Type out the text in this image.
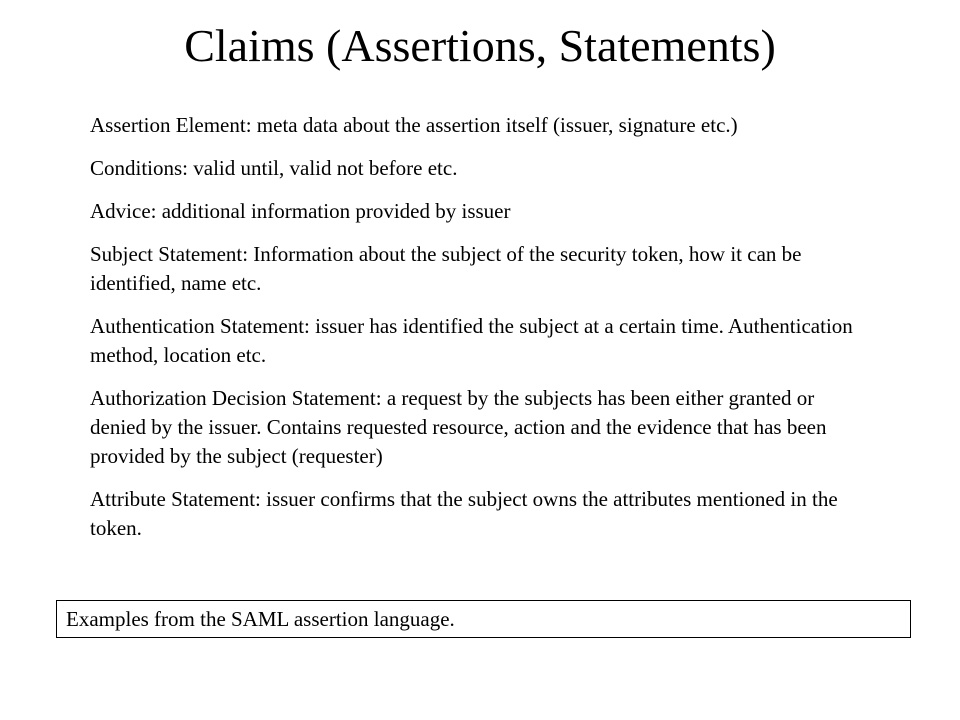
Claims (Assertions, Statements)
Assertion Element: meta data about the assertion itself (issuer, signature etc.)
Conditions: valid until, valid not before etc.
Advice: additional information provided by issuer
Subject Statement: Information about the subject of the security token, how it can be identified, name etc.
Authentication Statement: issuer has identified the subject at a certain time. Authentication method, location etc.
Authorization Decision Statement: a request by the subjects has been either granted or denied by the issuer. Contains requested resource, action and the evidence that has been provided by the subject (requester)
Attribute Statement: issuer confirms that the subject owns the attributes mentioned in the token.
Examples from the SAML assertion language.
